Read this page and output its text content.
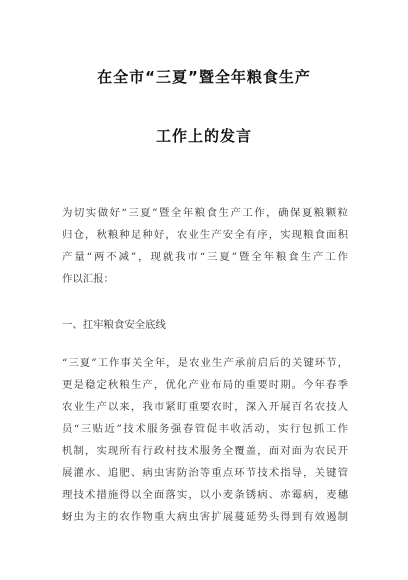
在全市“三夏”暨全年粮食生产
工作上的发言
为切实做好“三夏”暨全年粮食生产工作，确保夏粮颗粒
归仓，秋粮种足种好，农业生产安全有序，实现粮食面积
产量“两不减”，现就我市“三夏”暨全年粮食生产工作
作以汇报：
一、扛牢粮食安全底线
“三夏”工作事关全年，是农业生产承前启后的关键环节，
更是稳定秋粮生产，优化产业布局的重要时期。今年春季
农业生产以来，我市紧盯重要农时，深入开展百名农技人
员“三贴近”技术服务强春管促丰收活动，实行包抓工作
机制，实现所有行政村技术服务全覆盖，面对面为农民开
展灌水、追肥、病虫害防治等重点环节技术指导，关键管
理技术措施得以全面落实，以小麦条锈病、赤霉病，麦穗
蚜虫为主的农作物重大病虫害扩展蔓延势头得到有效遏制
